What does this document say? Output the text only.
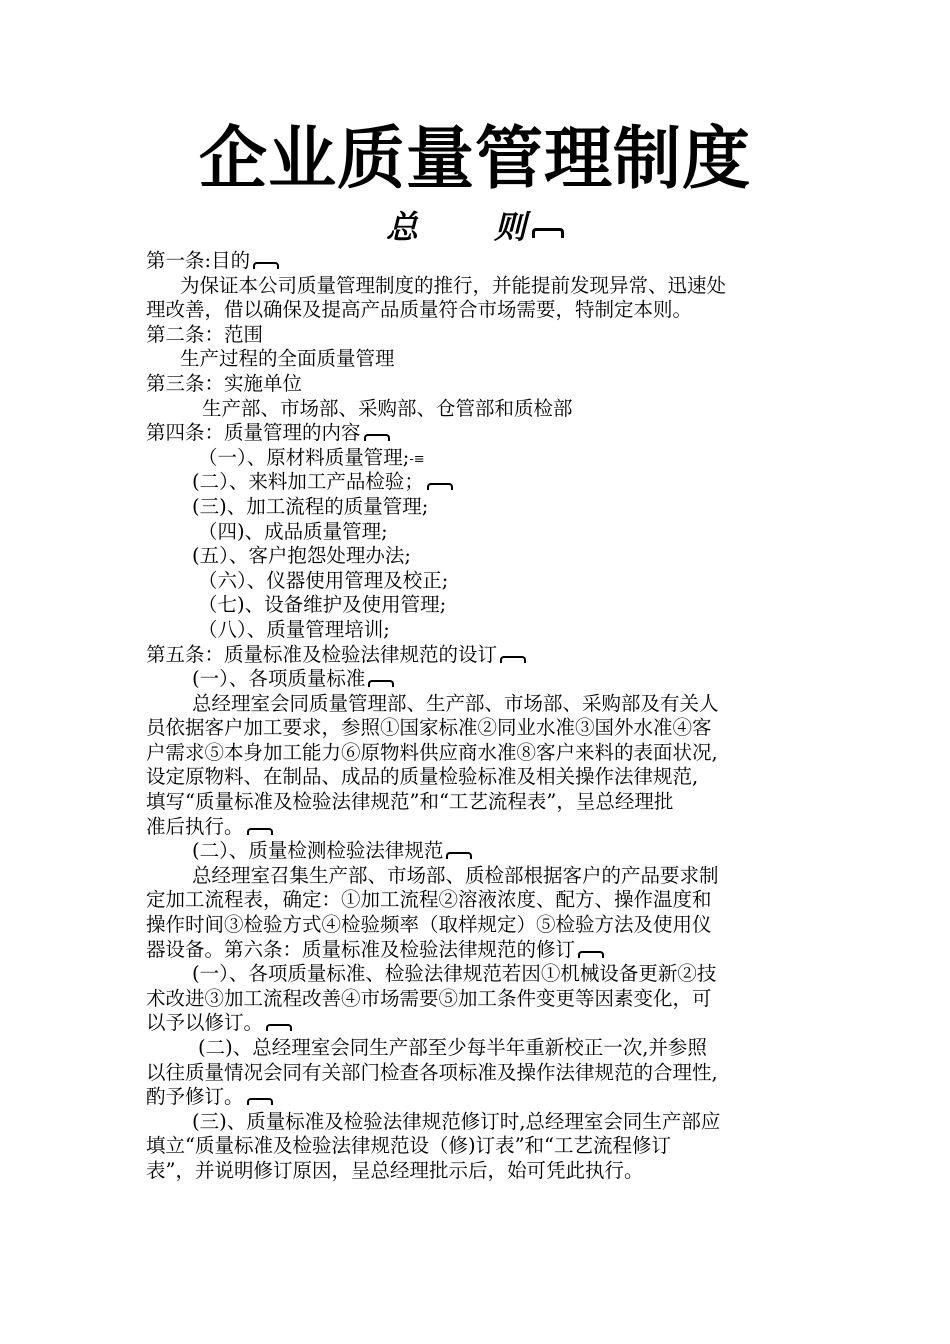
企业质量管理制度
总 则
第一条:目的
为保证本公司质量管理制度的推行，并能提前发现异常、迅速处
理改善，借以确保及提高产品质量符合市场需要，特制定本则。
第二条：范围
生产过程的全面质量管理
第三条：实施单位
生产部、市场部、采购部、仓管部和质检部
第四条：质量管理的内容
（一）、原材料质量管理;-≡
(二）、来料加工产品检验；
(三)、加工流程的质量管理;
（四)、成品质量管理;
(五）、客户抱怨处理办法;
（六）、仪器使用管理及校正;
（七)、设备维护及使用管理;
（八）、质量管理培训;
第五条：质量标准及检验法律规范的设订
(一）、各项质量标准
总经理室会同质量管理部、生产部、市场部、采购部及有关人
员依据客户加工要求，参照①国家标准②同业水准③国外水准④客
户需求⑤本身加工能力⑥原物料供应商水准⑧客户来料的表面状况,
设定原物料、在制品、成品的质量检验标准及相关操作法律规范,
填写“质量标准及检验法律规范”和“工艺流程表”，呈总经理批
准后执行。
(二）、质量检测检验法律规范
总经理室召集生产部、市场部、质检部根据客户的产品要求制
定加工流程表，确定：①加工流程②溶液浓度、配方、操作温度和
操作时间③检验方式④检验频率（取样规定）⑤检验方法及使用仪
器设备。第六条：质量标准及检验法律规范的修订
(一）、各项质量标准、检验法律规范若因①机械设备更新②技
术改进③加工流程改善④市场需要⑤加工条件变更等因素变化，可
以予以修订。
(二)、总经理室会同生产部至少每半年重新校正一次,并参照
以往质量情况会同有关部门检查各项标准及操作法律规范的合理性,
酌予修订。
(三)、质量标准及检验法律规范修订时,总经理室会同生产部应
填立“质量标准及检验法律规范设（修)订表”和“工艺流程修订
表”，并说明修订原因，呈总经理批示后，始可凭此执行。
